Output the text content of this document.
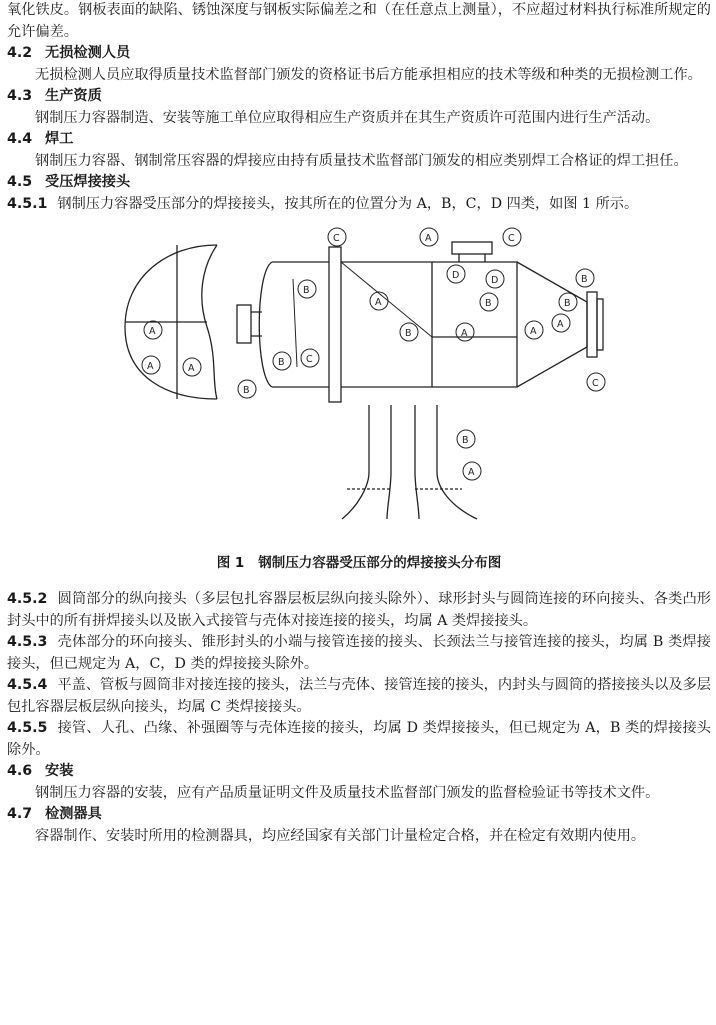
氧化铁皮。钢板表面的缺陷、锈蚀深度与钢板实际偏差之和（在任意点上测量），不应超过材料执行标准所规定的允许偏差。

4.2 无损检测人员

无损检测人员应取得质量技术监督部门颁发的资格证书后方能承担相应的技术等级和种类的无损检测工作。

4.3 生产资质

钢制压力容器制造、安装等施工单位应取得相应生产资质并在其生产资质许可范围内进行生产活动。

4.4 焊工

钢制压力容器、钢制常压容器的焊接应由持有质量技术监督部门颁发的相应类别焊工合格证的焊工担任。

4.5 受压焊接接头

4.5.1 钢制压力容器受压部分的焊接接头，按其所在的位置分为 A，B，C，D 四类，如图 1 所示。

A
A	A
B
B
B
C
C
A
B
A	C
D	D
B
A	A
B
B
A
C
B
A
图 1 钢制压力容器受压部分的焊接接头分布图

4.5.2 圆筒部分的纵向接头（多层包扎容器层板层纵向接头除外）、球形封头与圆筒连接的环向接头、各类凸形封头中的所有拼焊接头以及嵌入式接管与壳体对接连接的接头，均属 A 类焊接接头。

4.5.3 壳体部分的环向接头、锥形封头的小端与接管连接的接头、长颈法兰与接管连接的接头，均属 B 类焊接接头，但已规定为 A，C，D 类的焊接接头除外。

4.5.4 平盖、管板与圆筒非对接连接的接头，法兰与壳体、接管连接的接头，内封头与圆筒的搭接接头以及多层包扎容器层板层纵向接头，均属 C 类焊接接头。

4.5.5 接管、人孔、凸缘、补强圈等与壳体连接的接头，均属 D 类焊接接头，但已规定为 A，B 类的焊接接头除外。

4.6 安装

钢制压力容器的安装，应有产品质量证明文件及质量技术监督部门颁发的监督检验证书等技术文件。

4.7 检测器具

容器制作、安装时所用的检测器具，均应经国家有关部门计量检定合格，并在检定有效期内使用。
